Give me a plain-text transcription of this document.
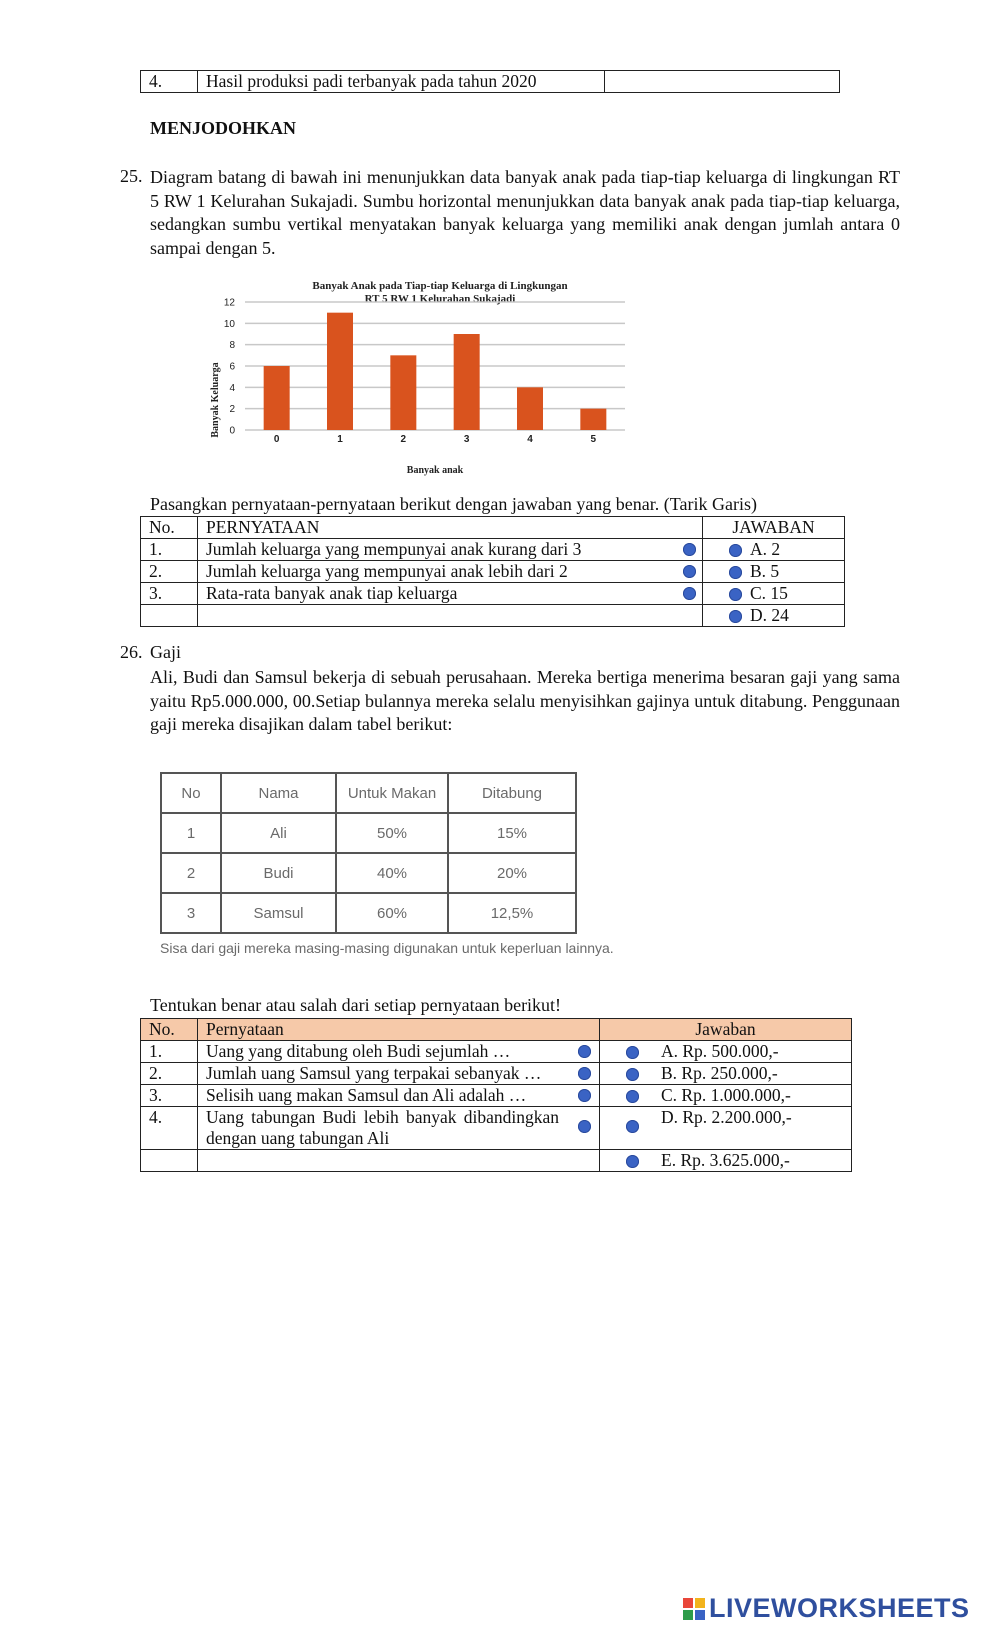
4.	Hasil produksi padi terbanyak pada tahun 2020	
MENJODOHKAN
25. Diagram batang di bawah ini menunjukkan data banyak anak pada tiap-tiap keluarga di lingkungan RT 5 RW 1 Kelurahan Sukajadi. Sumbu horizontal menunjukkan data banyak anak pada tiap-tiap keluarga, sedangkan sumbu vertikal menyatakan banyak keluarga yang memiliki anak dengan jumlah antara 0 sampai dengan 5.
Banyak Anak pada Tiap-tiap Keluarga di Lingkungan
RT 5 RW 1 Kelurahan Sukajadi
Banyak Keluarga
Banyak anak
0
2
4
6
8
10
12
0	1	2	3	4	5
Pasangkan pernyataan-pernyataan berikut dengan jawaban yang benar. (Tarik Garis)
No.	PERNYATAAN	JAWABAN
1.	Jumlah keluarga yang mempunyai anak kurang dari 3	A. 2
2.	Jumlah keluarga yang mempunyai anak lebih dari 2	B. 5
3.	Rata-rata banyak anak tiap keluarga	C. 15
		D. 24
26. Gaji
Ali, Budi dan Samsul bekerja di sebuah perusahaan. Mereka bertiga menerima besaran gaji yang sama yaitu Rp5.000.000, 00.Setiap bulannya mereka selalu menyisihkan gajinya untuk ditabung. Penggunaan gaji mereka disajikan dalam tabel berikut:
No	Nama	Untuk Makan	Ditabung
1	Ali	50%	15%
2	Budi	40%	20%
3	Samsul	60%	12,5%
Sisa dari gaji mereka masing-masing digunakan untuk keperluan lainnya.
Tentukan benar atau salah dari setiap pernyataan berikut!
No.	Pernyataan	Jawaban
1.	Uang yang ditabung oleh Budi sejumlah …	A. Rp. 500.000,-
2.	Jumlah uang Samsul yang terpakai sebanyak …	B. Rp. 250.000,-
3.	Selisih uang makan Samsul dan Ali adalah …	C. Rp. 1.000.000,-
4.	Uang tabungan Budi lebih banyak dibandingkan dengan uang tabungan Ali	D. Rp. 2.200.000,-
		E. Rp. 3.625.000,-
LIVEWORKSHEETS
